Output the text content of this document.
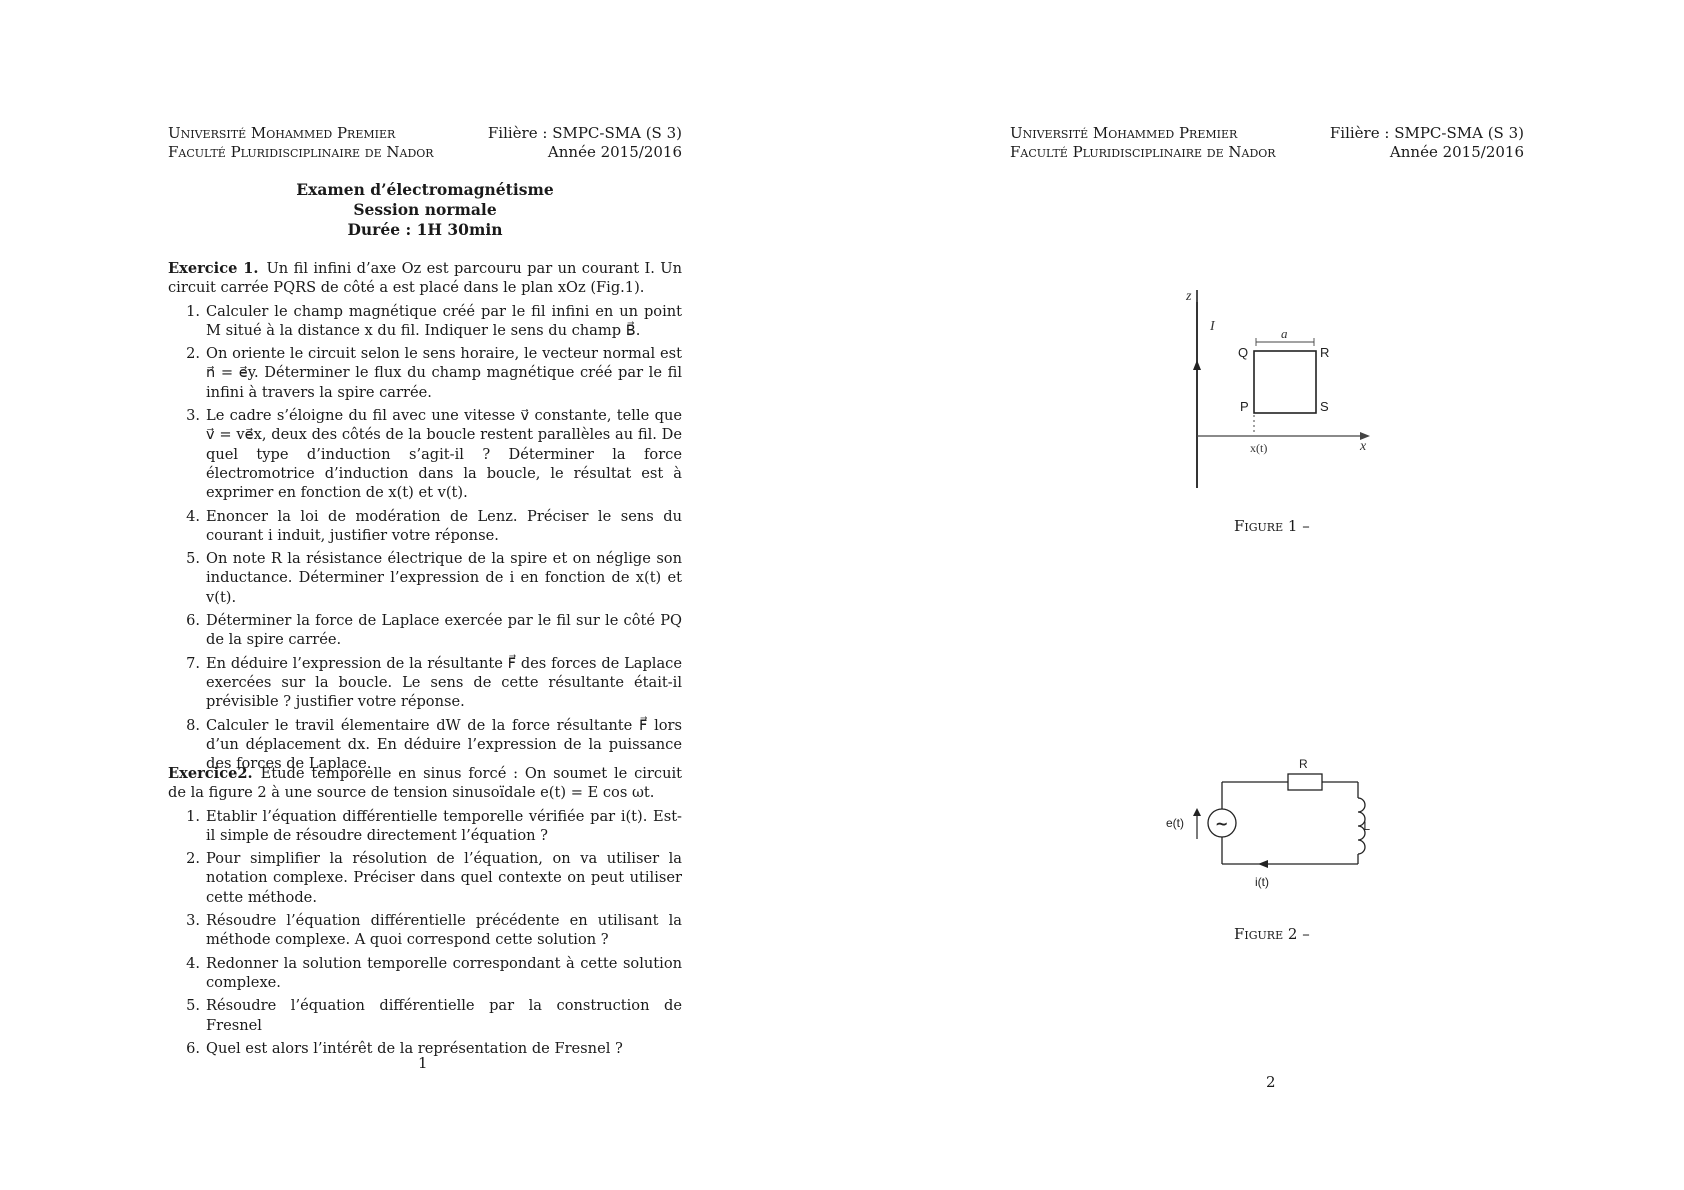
Université Mohammed Premier	Filière : SMPC-SMA (S 3)
Faculté Pluridisciplinaire de Nador	Année 2015/2016
Examen d’électromagnétisme
Session normale
Durée : 1H 30min
Exercice 1. Un fil infini d’axe Oz est parcouru par un courant I. Un circuit carrée PQRS de côté a est placé dans le plan xOz (Fig.1).
1. Calculer le champ magnétique créé par le fil infini en un point M situé à la distance x du fil. Indiquer le sens du champ B⃗.
2. On oriente le circuit selon le sens horaire, le vecteur normal est n⃗ = e⃗y. Déterminer le flux du champ magnétique créé par le fil infini à travers la spire carrée.
3. Le cadre s’éloigne du fil avec une vitesse v⃗ constante, telle que v⃗ = ve⃗x, deux des côtés de la boucle restent parallèles au fil. De quel type d’induction s’agit-il ? Déterminer la force électromotrice d’induction dans la boucle, le résultat est à exprimer en fonction de x(t) et v(t).
4. Enoncer la loi de modération de Lenz. Préciser le sens du courant i induit, justifier votre réponse.
5. On note R la résistance électrique de la spire et on néglige son inductance. Déterminer l’expression de i en fonction de x(t) et v(t).
6. Déterminer la force de Laplace exercée par le fil sur le côté PQ de la spire carrée.
7. En déduire l’expression de la résultante F⃗ des forces de Laplace exercées sur la boucle. Le sens de cette résultante était-il prévisible ? justifier votre réponse.
8. Calculer le travil élementaire dW de la force résultante F⃗ lors d’un déplacement dx. En déduire l’expression de la puissance des forces de Laplace.
Exercice2. Etude temporelle en sinus forcé : On soumet le circuit de la figure 2 à une source de tension sinusoïdale e(t) = E cos ωt.
1. Etablir l’équation différentielle temporelle vérifiée par i(t). Est-il simple de résoudre directement l’équation ?
2. Pour simplifier la résolution de l’équation, on va utiliser la notation complexe. Préciser dans quel contexte on peut utiliser cette méthode.
3. Résoudre l’équation différentielle précédente en utilisant la méthode complexe. A quoi correspond cette solution ?
4. Redonner la solution temporelle correspondant à cette solution complexe.
5. Résoudre l’équation différentielle par la construction de Fresnel
6. Quel est alors l’intérêt de la représentation de Fresnel ?
1
Université Mohammed Premier	Filière : SMPC-SMA (S 3)
Faculté Pluridisciplinaire de Nador	Année 2015/2016
z
I	a
Q	R
P	S
x(t)	x
Figure 1 –
~
R
L
e(t)
i(t)
Figure 2 –
2
